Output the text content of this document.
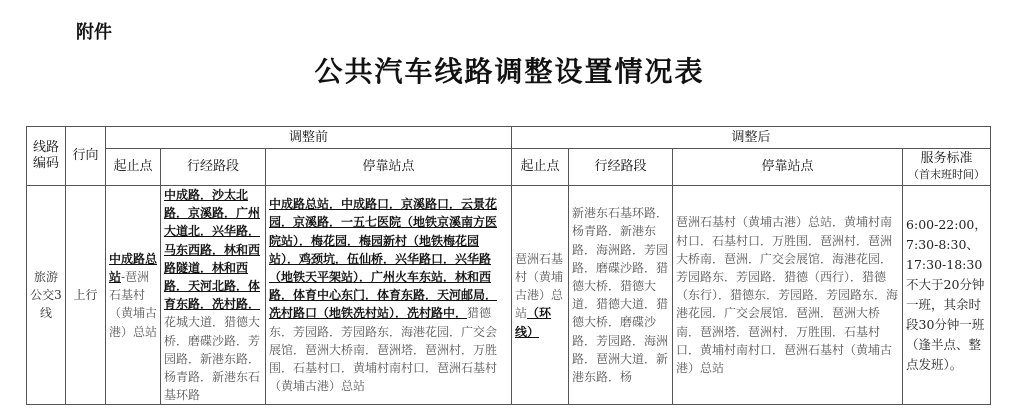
附件
公共汽车线路调整设置情况表
线路编码	行向	调整前			调整后			
		起止点	行经路段	停靠站点	起止点	行经路段	停靠站点	服务标准
（首末班时间）

旅游公交3线	上行	中成路总站-琶洲石基村（黄埔古港）总站	中成路．沙太北路．京溪路．广州大道北．兴华路．马东西路．林和西路隧道．林和西路．天河北路．体育东路．冼村路．花城大道．猎德大桥．磨碟沙路．芳园路．新港东路．杨青路．新港东石基环路	中成路总站．中成路口．京溪路口．云景花园．京溪路．一五七医院（地铁京溪南方医院站）．梅花园．梅园新村（地铁梅花园站）．鸡颈坑．伍仙桥．兴华路口．兴华路（地铁天平架站）．广州火车东站．林和西路．体育中心东门．体育东路．天河邮局．冼村路口（地铁冼村站）．冼村路中．猎德东．芳园路．芳园路东．海港花园．广交会展馆．琶洲大桥南．琶洲塔．琶洲村．万胜围．石基村口．黄埔村南村口．琶洲石基村（黄埔古港）总站	琶洲石基村（黄埔古港）总站（环线）	新港东石基环路．杨青路．新港东路．海洲路．芳园路．磨碟沙路．猎德大桥．猎德大道．猎德大道．猎德大桥．磨碟沙路．芳园路．海洲路．琶洲大道．新港东路．杨	琶洲石基村（黄埔古港）总站．黄埔村南村口．石基村口．万胜围．琶洲村．琶洲大桥南．琶洲．广交会展馆．海港花园．芳园路东．芳园路．猎德（西行）．猎德（东行）．猎德东．芳园路．芳园路东．海港花园．广交会展馆．琶洲．琶洲大桥南．琶洲塔．琶洲村．万胜围．石基村口．黄埔村南村口．琶洲石基村（黄埔古港）总站	6:00-22:00，7:30-8:30、17:30-18:30不大于20分钟一班，其余时段30分钟一班（逢半点、整点发班）。
